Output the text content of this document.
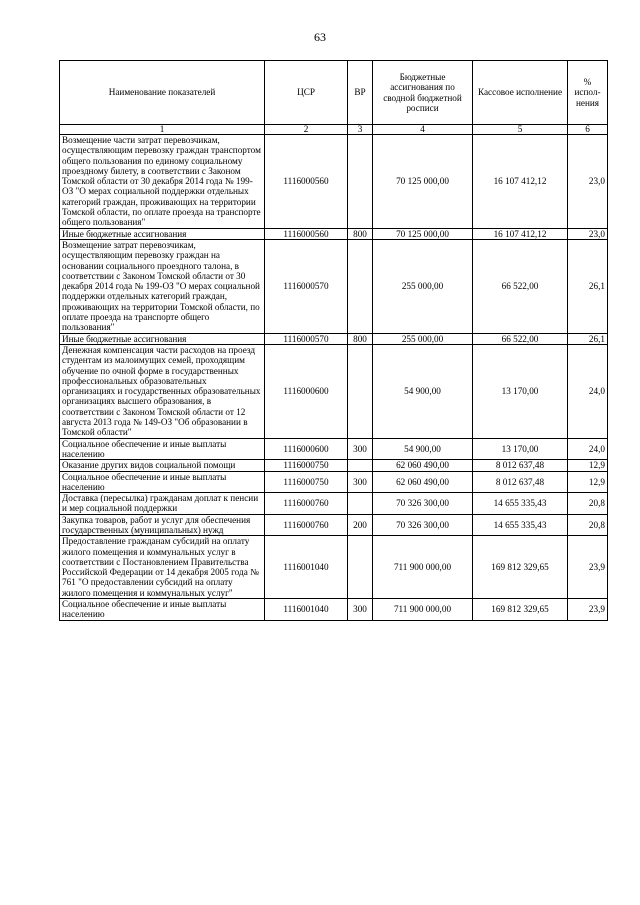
63
Наименование показателей	ЦСР	ВР	Бюджетные ассигнования по сводной бюджетной росписи	Кассовое исполнение	% испол-нения
1	2	3	4	5	6
Возмещение части затрат перевозчикам, осуществляющим перевозку граждан транспортом общего пользования по единому социальному проездному билету, в соответствии с Законом Томской области от 30 декабря 2014 года № 199-ОЗ "О мерах социальной поддержки отдельных категорий граждан, проживающих на территории Томской области, по оплате проезда на транспорте общего пользования"	1116000560		70 125 000,00	16 107 412,12	23,0
Иные бюджетные ассигнования	1116000560	800	70 125 000,00	16 107 412,12	23,0
Возмещение затрат перевозчикам, осуществляющим перевозку граждан на основании социального проездного талона, в соответствии с Законом Томской области от 30 декабря 2014 года № 199-ОЗ "О мерах социальной поддержки отдельных категорий граждан, проживающих на территории Томской области, по оплате проезда на транспорте общего пользования"	1116000570		255 000,00	66 522,00	26,1
Иные бюджетные ассигнования	1116000570	800	255 000,00	66 522,00	26,1
Денежная компенсация части расходов на проезд студентам из малоимущих семей, проходящим обучение по очной форме в государственных профессиональных образовательных организациях и государственных образовательных организациях высшего образования, в соответствии с Законом Томской области от 12 августа 2013 года № 149-ОЗ "Об образовании в Томской области"	1116000600		54 900,00	13 170,00	24,0
Социальное обеспечение и иные выплаты населению	1116000600	300	54 900,00	13 170,00	24,0
Оказание других видов социальной помощи	1116000750		62 060 490,00	8 012 637,48	12,9
Социальное обеспечение и иные выплаты населению	1116000750	300	62 060 490,00	8 012 637,48	12,9
Доставка (пересылка) гражданам доплат к пенсии и мер социальной поддержки	1116000760		70 326 300,00	14 655 335,43	20,8
Закупка товаров, работ и услуг для обеспечения государственных (муниципальных) нужд	1116000760	200	70 326 300,00	14 655 335,43	20,8
Предоставление гражданам субсидий на оплату жилого помещения и коммунальных услуг в соответствии с Постановлением Правительства Российской Федерации от 14 декабря 2005 года № 761 "О предоставлении субсидий на оплату жилого помещения и коммунальных услуг"	1116001040		711 900 000,00	169 812 329,65	23,9
Социальное обеспечение и иные выплаты населению	1116001040	300	711 900 000,00	169 812 329,65	23,9
